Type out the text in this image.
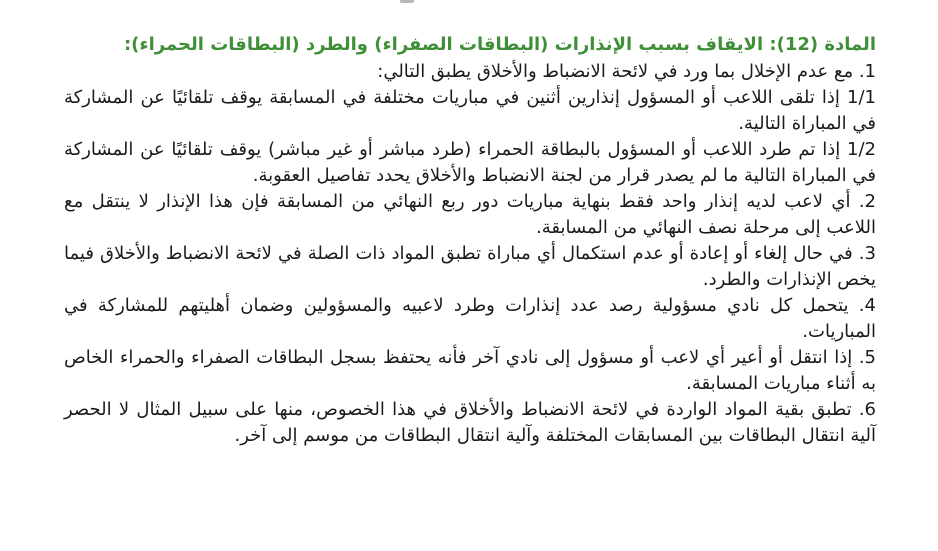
المادة (12): الايقاف بسبب الإنذارات (البطاقات الصفراء) والطرد (البطاقات الحمراء):

1. مع عدم الإخلال بما ورد في لائحة الانضباط والأخلاق يطبق التالي:

1/1 إذا تلقى اللاعب أو المسؤول إنذارين أثنين في مباريات مختلفة في المسابقة يوقف تلقائيًا عن المشاركة في المباراة التالية.

1/2 إذا تم طرد اللاعب أو المسؤول بالبطاقة الحمراء (طرد مباشر أو غير مباشر) يوقف تلقائيًا عن المشاركة في المباراة التالية ما لم يصدر قرار من لجنة الانضباط والأخلاق يحدد تفاصيل العقوبة.

2. أي لاعب لديه إنذار واحد فقط بنهاية مباريات دور ربع النهائي من المسابقة فإن هذا الإنذار لا ينتقل مع اللاعب إلى مرحلة نصف النهائي من المسابقة.

3. في حال إلغاء أو إعادة أو عدم استكمال أي مباراة تطبق المواد ذات الصلة في لائحة الانضباط والأخلاق فيما يخص الإنذارات والطرد.

4. يتحمل كل نادي مسؤولية رصد عدد إنذارات وطرد لاعبيه والمسؤولين وضمان أهليتهم للمشاركة في المباريات.

5. إذا انتقل أو أعير أي لاعب أو مسؤول إلى نادي آخر فأنه يحتفظ بسجل البطاقات الصفراء والحمراء الخاص به أثناء مباريات المسابقة.

6. تطبق بقية المواد الواردة في لائحة الانضباط والأخلاق في هذا الخصوص، منها على سبيل المثال لا الحصر آلية انتقال البطاقات بين المسابقات المختلفة وآلية انتقال البطاقات من موسم إلى آخر.
